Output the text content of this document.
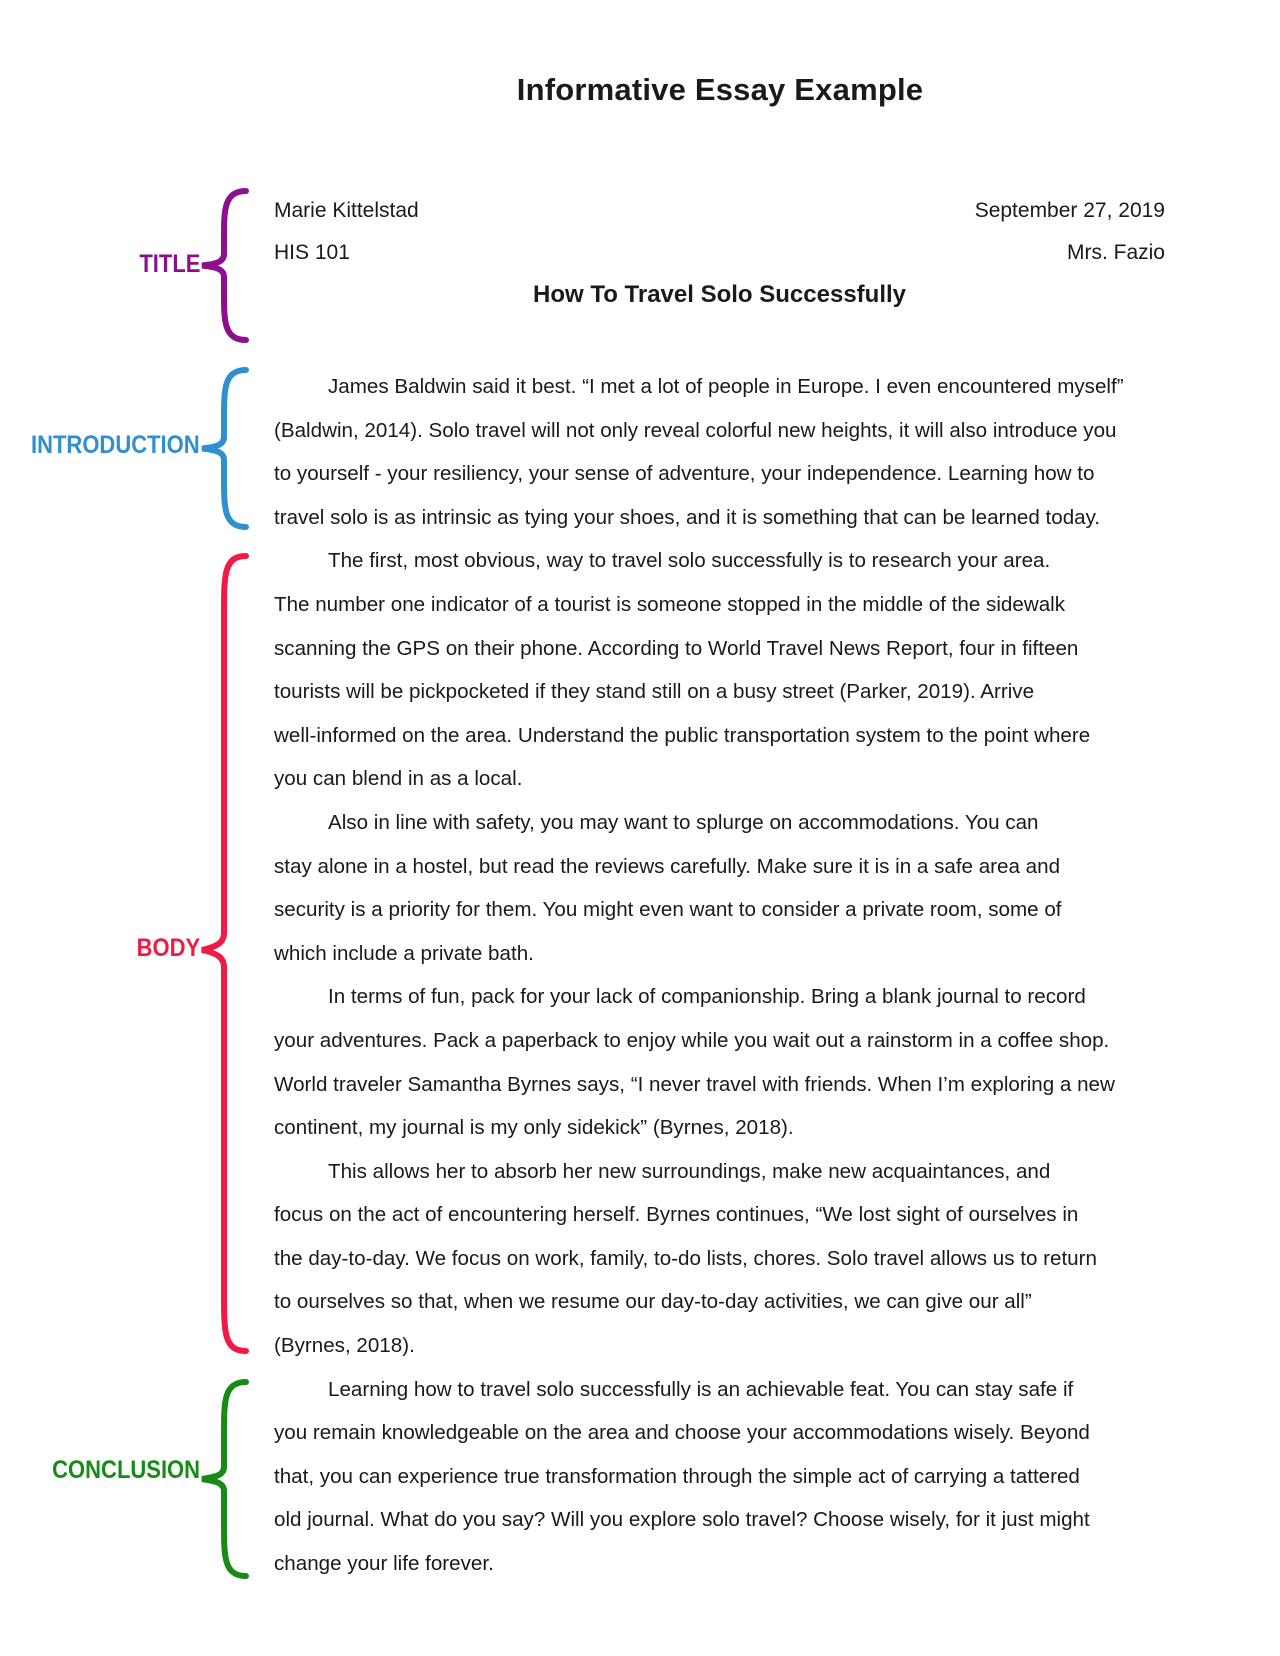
Informative Essay Example
Marie Kittelstad	September 27, 2019
HIS 101	Mrs. Fazio
How To Travel Solo Successfully
TITLE
INTRODUCTION
BODY
CONCLUSION
James Baldwin said it best. “I met a lot of people in Europe. I even encountered myself”
(Baldwin, 2014). Solo travel will not only reveal colorful new heights, it will also introduce you
to yourself - your resiliency, your sense of adventure, your independence. Learning how to
travel solo is as intrinsic as tying your shoes, and it is something that can be learned today.
The first, most obvious, way to travel solo successfully is to research your area.
The number one indicator of a tourist is someone stopped in the middle of the sidewalk
scanning the GPS on their phone. According to World Travel News Report, four in fifteen
tourists will be pickpocketed if they stand still on a busy street (Parker, 2019). Arrive
well-informed on the area. Understand the public transportation system to the point where
you can blend in as a local.
Also in line with safety, you may want to splurge on accommodations. You can
stay alone in a hostel, but read the reviews carefully. Make sure it is in a safe area and
security is a priority for them. You might even want to consider a private room, some of
which include a private bath.
In terms of fun, pack for your lack of companionship. Bring a blank journal to record
your adventures. Pack a paperback to enjoy while you wait out a rainstorm in a coffee shop.
World traveler Samantha Byrnes says, “I never travel with friends. When I’m exploring a new
continent, my journal is my only sidekick” (Byrnes, 2018).
This allows her to absorb her new surroundings, make new acquaintances, and
focus on the act of encountering herself. Byrnes continues, “We lost sight of ourselves in
the day-to-day. We focus on work, family, to-do lists, chores. Solo travel allows us to return
to ourselves so that, when we resume our day-to-day activities, we can give our all”
(Byrnes, 2018).
Learning how to travel solo successfully is an achievable feat. You can stay safe if
you remain knowledgeable on the area and choose your accommodations wisely. Beyond
that, you can experience true transformation through the simple act of carrying a tattered
old journal. What do you say? Will you explore solo travel? Choose wisely, for it just might
change your life forever.
